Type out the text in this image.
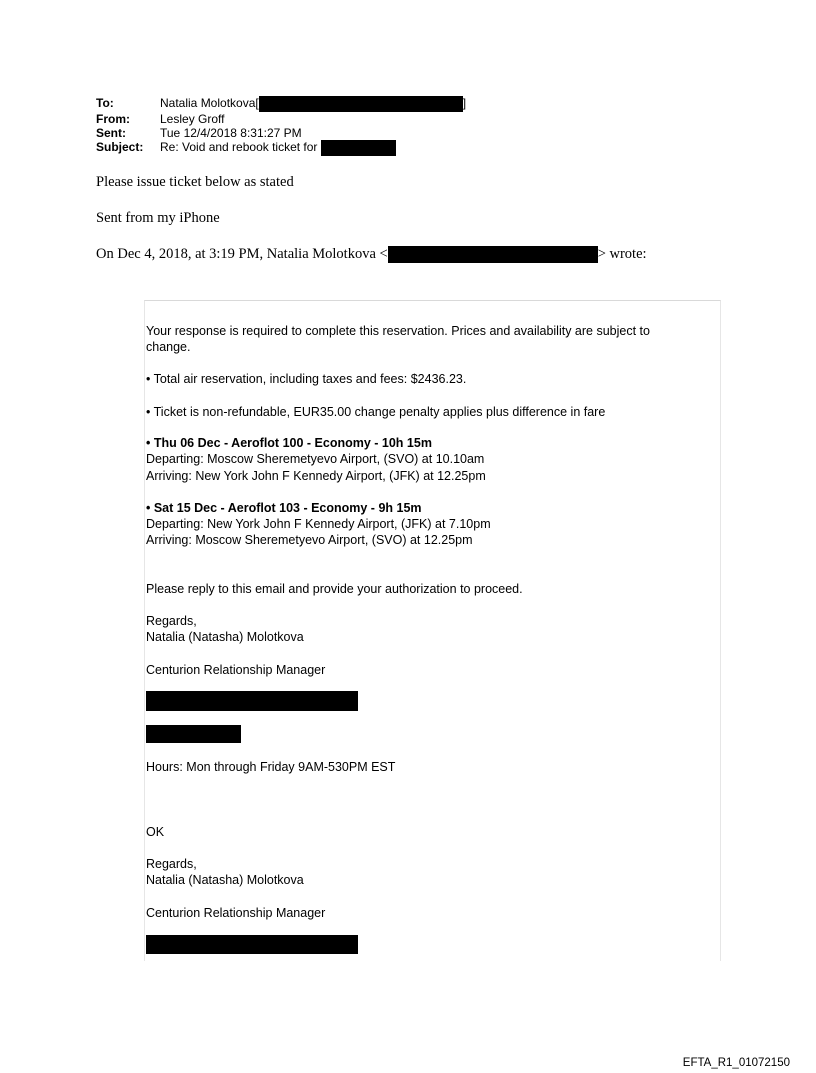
To:	Natalia Molotkova[	]
From:	Lesley Groff
Sent:	Tue 12/4/2018 8:31:27 PM
Subject:	Re: Void and rebook ticket for
Please issue ticket below as stated
Sent from my iPhone
On Dec 4, 2018, at 3:19 PM, Natalia Molotkova <	> wrote:
Your response is required to complete this reservation. Prices and availability are subject to
change.
• Total air reservation, including taxes and fees: $2436.23.
• Ticket is non-refundable, EUR35.00 change penalty applies plus difference in fare
• Thu 06 Dec - Aeroflot 100 - Economy - 10h 15m
Departing: Moscow Sheremetyevo Airport, (SVO) at 10.10am
Arriving: New York John F Kennedy Airport, (JFK) at 12.25pm
• Sat 15 Dec - Aeroflot 103 - Economy - 9h 15m
Departing: New York John F Kennedy Airport, (JFK) at 7.10pm
Arriving: Moscow Sheremetyevo Airport, (SVO) at 12.25pm
Please reply to this email and provide your authorization to proceed.
Regards,
Natalia (Natasha) Molotkova
Centurion Relationship Manager
Hours: Mon through Friday 9AM-530PM EST
OK
Regards,
Natalia (Natasha) Molotkova
Centurion Relationship Manager
EFTA_R1_01072150
